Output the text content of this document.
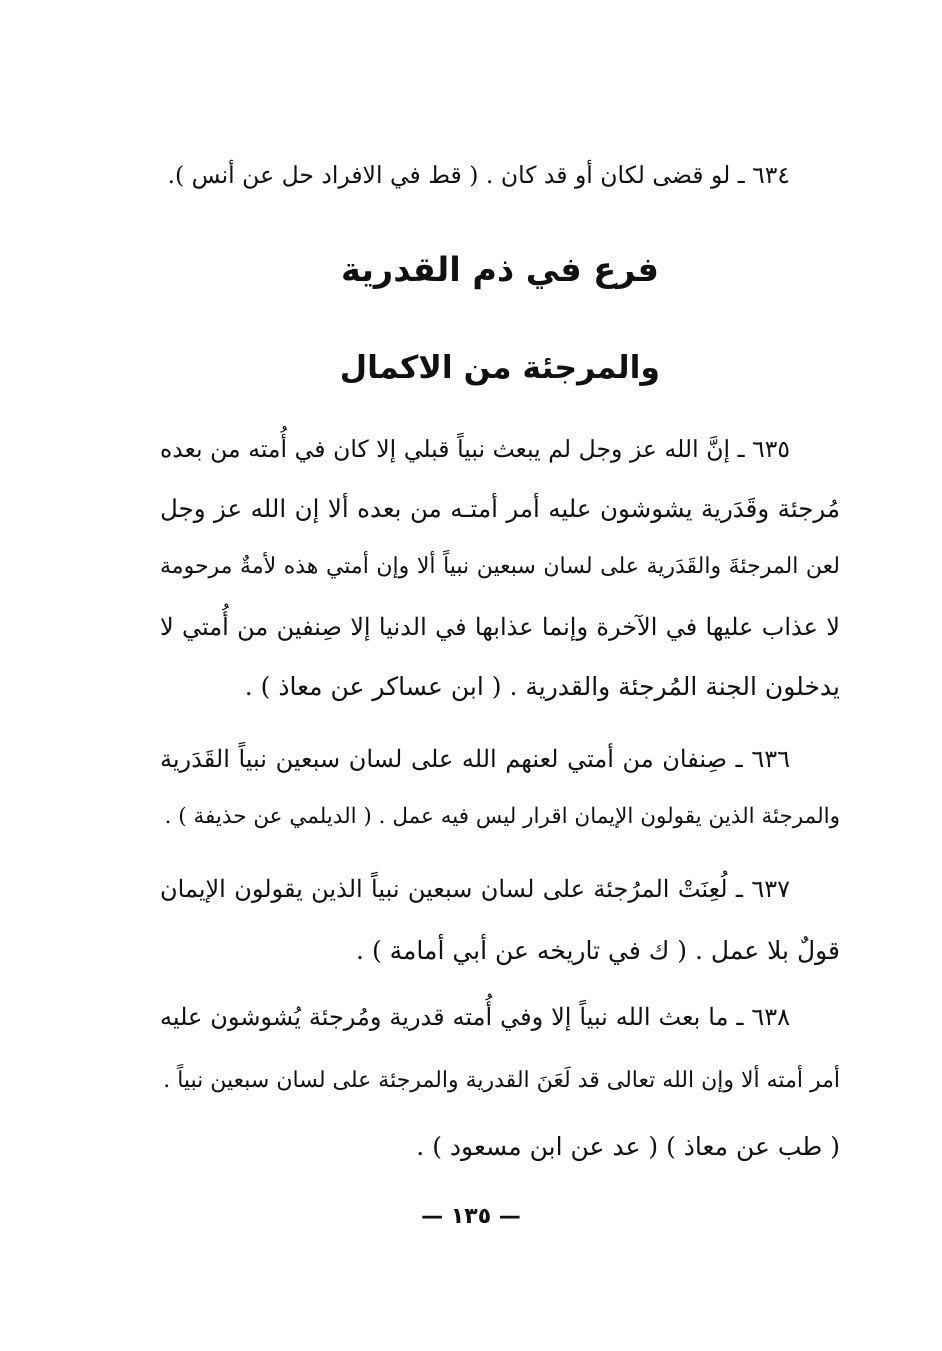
٦٣٤ ـ لو قضى لكان أو قد كان . ( قط في الافراد حل عن أنس ).
فرع في ذم القدرية
والمرجئة من الاكمال
٦٣٥ ـ إنَّ الله عز وجل لم يبعث نبياً قبلي إلا كان في أُمته من بعده
مُرجئة وقَدَرية يشوشون عليه أمر أمتـه من بعده ألا إن الله عز وجل
لعن المرجئةَ والقَدَرية على لسان سبعين نبياً ألا وإن أمتي هذه لأمةٌ مرحومة
لا عذاب عليها في الآخرة وإنما عذابها في الدنيا إلا صِنفين من أُمتي لا
يدخلون الجنة المُرجئة والقدرية . ( ابن عساكر عن معاذ ) .
٦٣٦ ـ صِنفان من أمتي لعنهم الله على لسان سبعين نبياً القَدَرية
والمرجئة الذين يقولون الإيمان اقرار ليس فيه عمل . ( الديلمي عن حذيفة ) .
٦٣٧ ـ لُعِنَتْ المرُجئة على لسان سبعين نبياً الذين يقولون الإيمان
قولٌ بلا عمل . ( ك في تاريخه عن أبي أمامة ) .
٦٣٨ ـ ما بعث الله نبياً إلا وفي أُمته قدرية ومُرجئة يُشوشون عليه
أمر أمته ألا وإن الله تعالى قد لَعَنَ القدرية والمرجئة على لسان سبعين نبياً .
( طب عن معاذ ) ( عد عن ابن مسعود ) .
— ١٣٥ —
